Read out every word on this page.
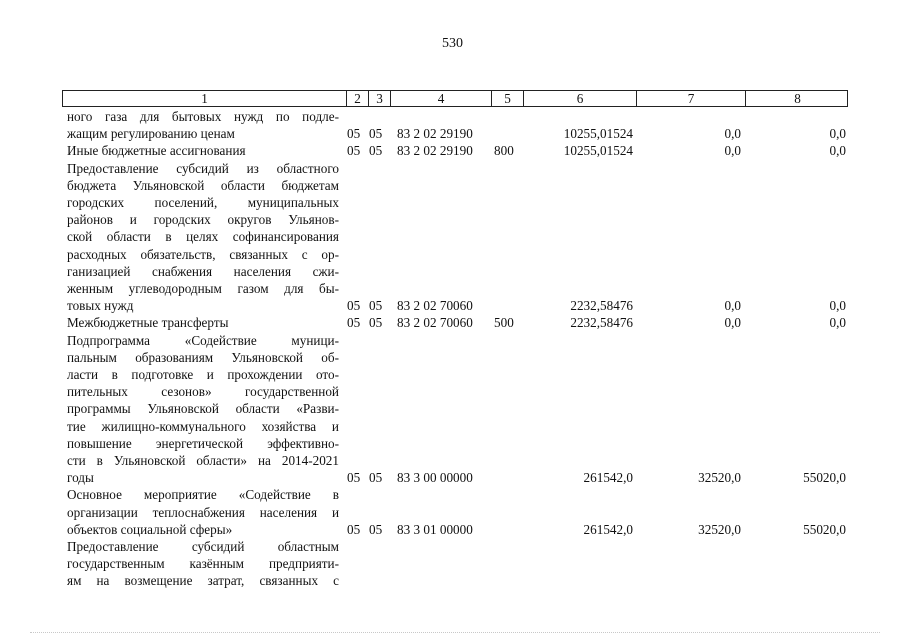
530
1	2	3	4	5	6	7	8
ного газа для бытовых нужд по подле-
жащим регулированию ценам	05 05 83 2 02 29190	10255,01524	0,0	0,0
Иные бюджетные ассигнования	05 05 83 2 02 29190 800	10255,01524	0,0	0,0
Предоставление субсидий из областного
бюджета Ульяновской области бюджетам
городских поселений, муниципальных
районов и городских округов Ульянов-
ской области в целях софинансирования
расходных обязательств, связанных с ор-
ганизацией снабжения населения сжи-
женным углеводородным газом для бы-
товых нужд	05 05 83 2 02 70060	2232,58476	0,0	0,0
Межбюджетные трансферты	05 05 83 2 02 70060 500	2232,58476	0,0	0,0
Подпрограмма «Содействие муници-
пальным образованиям Ульяновской об-
ласти в подготовке и прохождении ото-
пительных сезонов» государственной
программы Ульяновской области «Разви-
тие жилищно-коммунального хозяйства и
повышение энергетической эффективно-
сти в Ульяновской области» на 2014-2021
годы	05 05 83 3 00 00000	261542,0	32520,0	55020,0
Основное мероприятие «Содействие в
организации теплоснабжения населения и
объектов социальной сферы»	05 05 83 3 01 00000	261542,0	32520,0	55020,0
Предоставление субсидий областным
государственным казённым предприяти-
ям на возмещение затрат, связанных с
